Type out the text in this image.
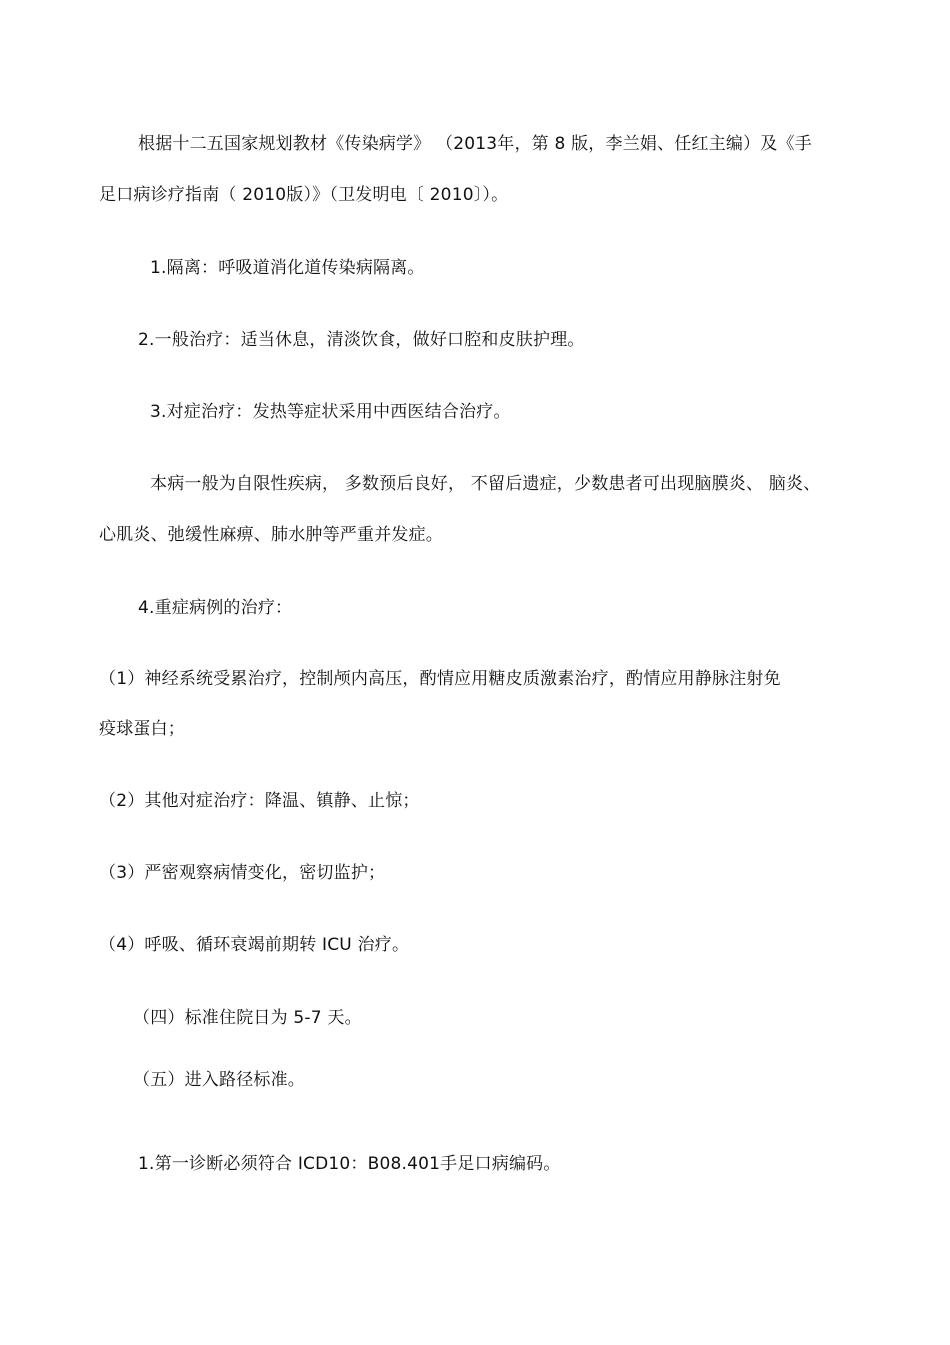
根据十二五国家规划教材《传染病学》 （2013年，第 8 版，李兰娟、任红主编）及《手
足口病诊疗指南（ 2010版）》（卫发明电〔 2010〕）。
1.隔离：呼吸道消化道传染病隔离。
2.一般治疗：适当休息，清淡饮食，做好口腔和皮肤护理。
3.对症治疗：发热等症状采用中西医结合治疗。
本病一般为自限性疾病， 多数预后良好， 不留后遗症，少数患者可出现脑膜炎、 脑炎、
心肌炎、弛缓性麻痹、肺水肿等严重并发症。
4.重症病例的治疗：
（1）神经系统受累治疗，控制颅内高压，酌情应用糖皮质激素治疗，酌情应用静脉注射免
疫球蛋白；
（2）其他对症治疗：降温、镇静、止惊；
（3）严密观察病情变化，密切监护；
（4）呼吸、循环衰竭前期转 ICU 治疗。
（四）标准住院日为 5-7 天。
（五）进入路径标准。
1.第一诊断必须符合 ICD10：B08.401手足口病编码。
